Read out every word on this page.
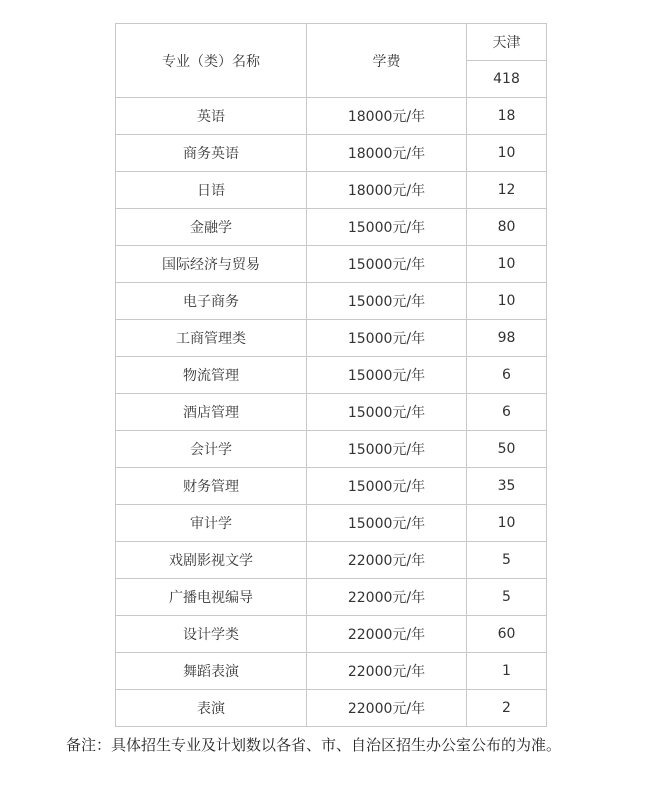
专业（类）名称	学费	天津
		418
英语	18000元/年	18
商务英语	18000元/年	10
日语	18000元/年	12
金融学	15000元/年	80
国际经济与贸易	15000元/年	10
电子商务	15000元/年	10
工商管理类	15000元/年	98
物流管理	15000元/年	6
酒店管理	15000元/年	6
会计学	15000元/年	50
财务管理	15000元/年	35
审计学	15000元/年	10
戏剧影视文学	22000元/年	5
广播电视编导	22000元/年	5
设计学类	22000元/年	60
舞蹈表演	22000元/年	1
表演	22000元/年	2
备注：具体招生专业及计划数以各省、市、自治区招生办公室公布的为准。
